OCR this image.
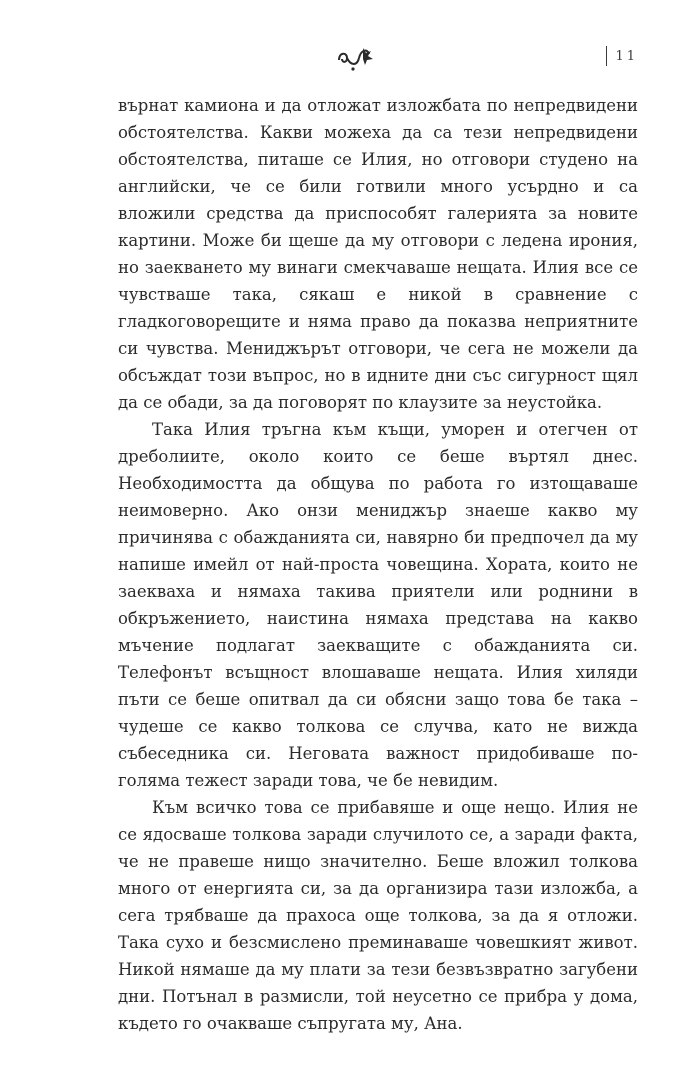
11

върнат камиона и да отложат изложбата по непредвидени обстоятелства. Какви можеха да са тези непредвидени обстоятелства, питаше се Илия, но отговори студено на английски, че се били готвили много усърдно и са вложили средства да приспособят галерията за новите картини. Може би щеше да му отговори с ледена ирония, но заекването му винаги смекчаваше нещата. Илия все се чувстваше така, сякаш е никой в сравнение с гладкоговорещите и няма право да показва неприятните си чувства. Мениджърът отговори, че сега не можели да обсъждат този въпрос, но в идните дни със сигурност щял да се обади, за да поговорят по клаузите за неустойка.

Така Илия тръгна към къщи, уморен и отегчен от дреболиите, около които се беше въртял днес. Необходимостта да общува по работа го изтощаваше неимоверно. Ако онзи мениджър знаеше какво му причинява с обажданията си, навярно би предпочел да му напише имейл от най-проста човещина. Хората, които не заекваха и нямаха такива приятели или роднини в обкръжението, наистина нямаха представа на какво мъчение подлагат заекващите с обажданията си. Телефонът всъщност влошаваше нещата. Илия хиляди пъти се беше опитвал да си обясни защо това бе така – чудеше се какво толкова се случва, като не вижда събеседника си. Неговата важност придобиваше по-голяма тежест заради това, че бе невидим.

Към всичко това се прибавяше и още нещо. Илия не се ядосваше толкова заради случилото се, а заради факта, че не правеше нищо значително. Беше вложил толкова много от енергията си, за да организира тази изложба, а сега трябваше да прахоса още толкова, за да я отложи. Така сухо и безсмислено преминаваше човешкият живот. Никой нямаше да му плати за тези безвъзвратно загубени дни. Потънал в размисли, той неусетно се прибра у дома, където го очакваше съпругата му, Ана.
